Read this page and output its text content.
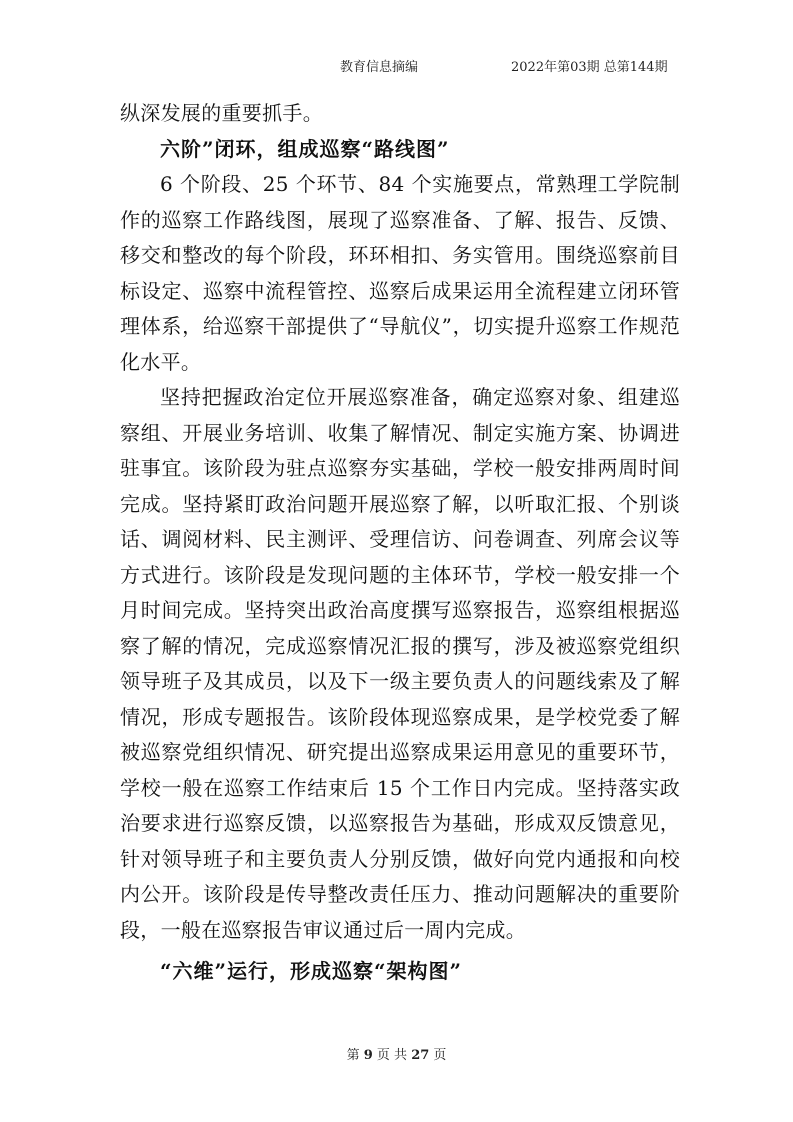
教育信息摘编	2022年第03期 总第144期

纵深发展的重要抓手。

六阶”闭环，组成巡察“路线图”

6 个阶段、25 个环节、84 个实施要点，常熟理工学院制作的巡察工作路线图，展现了巡察准备、了解、报告、反馈、移交和整改的每个阶段，环环相扣、务实管用。围绕巡察前目标设定、巡察中流程管控、巡察后成果运用全流程建立闭环管理体系，给巡察干部提供了“导航仪”，切实提升巡察工作规范化水平。

坚持把握政治定位开展巡察准备，确定巡察对象、组建巡察组、开展业务培训、收集了解情况、制定实施方案、协调进驻事宜。该阶段为驻点巡察夯实基础，学校一般安排两周时间完成。坚持紧盯政治问题开展巡察了解，以听取汇报、个别谈话、调阅材料、民主测评、受理信访、问卷调查、列席会议等方式进行。该阶段是发现问题的主体环节，学校一般安排一个月时间完成。坚持突出政治高度撰写巡察报告，巡察组根据巡察了解的情况，完成巡察情况汇报的撰写，涉及被巡察党组织领导班子及其成员，以及下一级主要负责人的问题线索及了解情况，形成专题报告。该阶段体现巡察成果，是学校党委了解被巡察党组织情况、研究提出巡察成果运用意见的重要环节，学校一般在巡察工作结束后 15 个工作日内完成。坚持落实政治要求进行巡察反馈，以巡察报告为基础，形成双反馈意见，针对领导班子和主要负责人分别反馈，做好向党内通报和向校内公开。该阶段是传导整改责任压力、推动问题解决的重要阶段，一般在巡察报告审议通过后一周内完成。

“六维”运行，形成巡察“架构图”

第 9 页 共 27 页
